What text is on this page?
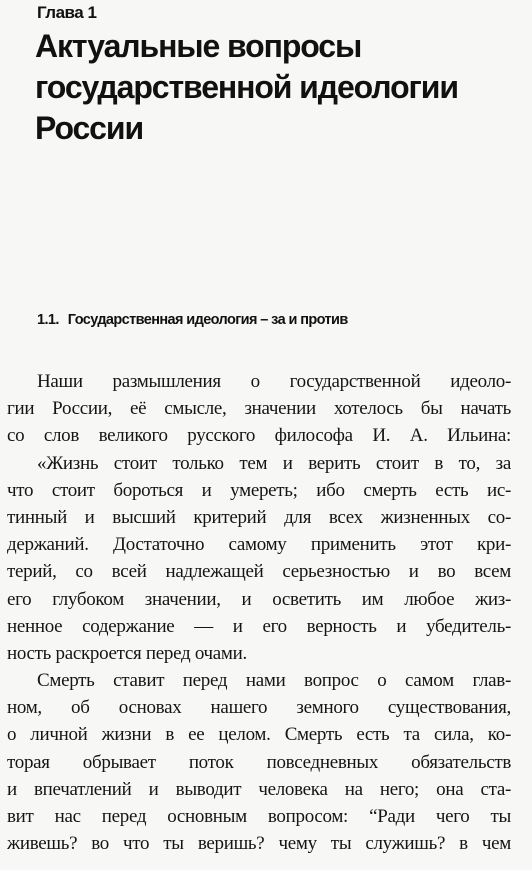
Глава 1
Актуальные вопросы
государственной идеологии
России
1.1. Государственная идеология – за и против
Наши размышления о государственной идеоло-
гии России, её смысле, значении хотелось бы начать
со слов великого русского философа И. А. Ильина:
«Жизнь стоит только тем и верить стоит в то, за
что стоит бороться и умереть; ибо смерть есть ис-
тинный и высший критерий для всех жизненных со-
держаний. Достаточно самому применить этот кри-
терий, со всей надлежащей серьезностью и во всем
его глубоком значении, и осветить им любое жиз-
ненное содержание — и его верность и убедитель-
ность раскроется перед очами.
Смерть ставит перед нами вопрос о самом глав-
ном, об основах нашего земного существования,
о личной жизни в ее целом. Смерть есть та сила, ко-
торая обрывает поток повседневных обязательств
и впечатлений и выводит человека на него; она ста-
вит нас перед основным вопросом: “Ради чего ты
живешь? во что ты веришь? чему ты служишь? в чем
